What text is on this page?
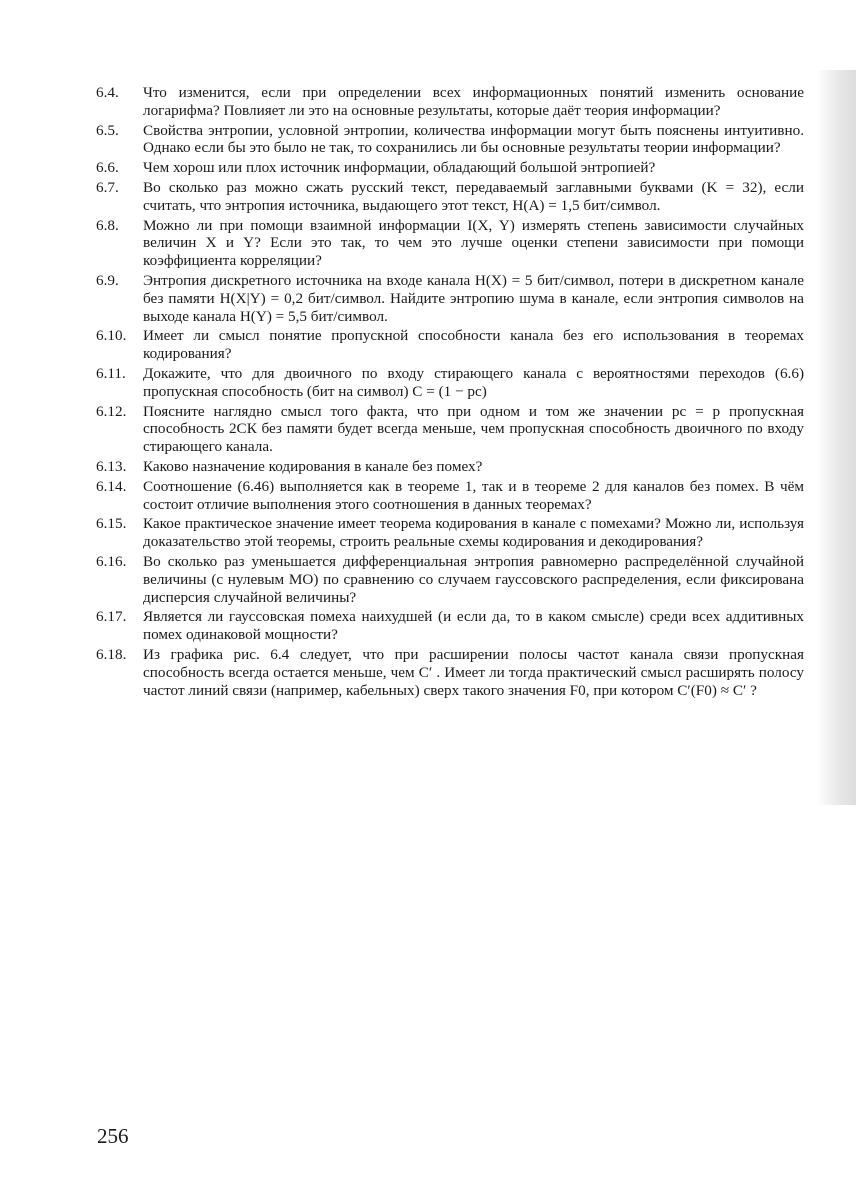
6.4.	Что изменится, если при определении всех информационных понятий изменить основание логарифма? Повлияет ли это на основные результаты, которые даёт теория информации?
6.5.	Свойства энтропии, условной энтропии, количества информации могут быть пояснены интуитивно. Однако если бы это было не так, то сохранились ли бы основные результаты теории информации?
6.6.	Чем хорош или плох источник информации, обладающий большой энтропией?
6.7.	Во сколько раз можно сжать русский текст, передаваемый заглавными буквами (K = 32), если считать, что энтропия источника, выдающего этот текст, H(A) = 1,5 бит/символ.
6.8.	Можно ли при помощи взаимной информации I(X, Y) измерять степень зависимости случайных величин X и Y? Если это так, то чем это лучше оценки степени зависимости при помощи коэффициента корреляции?
6.9.	Энтропия дискретного источника на входе канала H(X) = 5 бит/символ, потери в дискретном канале без памяти H(X|Y) = 0,2 бит/символ. Найдите энтропию шума в канале, если энтропия символов на выходе канала H(Y) = 5,5 бит/символ.
6.10.	Имеет ли смысл понятие пропускной способности канала без его использования в теоремах кодирования?
6.11.	Докажите, что для двоичного по входу стирающего канала с вероятностями переходов (6.6) пропускная способность (бит на символ) C = (1 − pc)
6.12.	Поясните наглядно смысл того факта, что при одном и том же значении pc = p пропускная способность 2СК без памяти будет всегда меньше, чем пропускная способность двоичного по входу стирающего канала.
6.13.	Каково назначение кодирования в канале без помех?
6.14.	Соотношение (6.46) выполняется как в теореме 1, так и в теореме 2 для каналов без помех. В чём состоит отличие выполнения этого соотношения в данных теоремах?
6.15.	Какое практическое значение имеет теорема кодирования в канале с помехами? Можно ли, используя доказательство этой теоремы, строить реальные схемы кодирования и декодирования?
6.16.	Во сколько раз уменьшается дифференциальная энтропия равномерно распределённой случайной величины (с нулевым МО) по сравнению со случаем гауссовского распределения, если фиксирована дисперсия случайной величины?
6.17.	Является ли гауссовская помеха наихудшей (и если да, то в каком смысле) среди всех аддитивных помех одинаковой мощности?
6.18.	Из графика рис. 6.4 следует, что при расширении полосы частот канала связи пропускная способность всегда остается меньше, чем C′ . Имеет ли тогда практический смысл расширять полосу частот линий связи (например, кабельных) сверх такого значения F0, при котором C′(F0) ≈ C′ ?
256
